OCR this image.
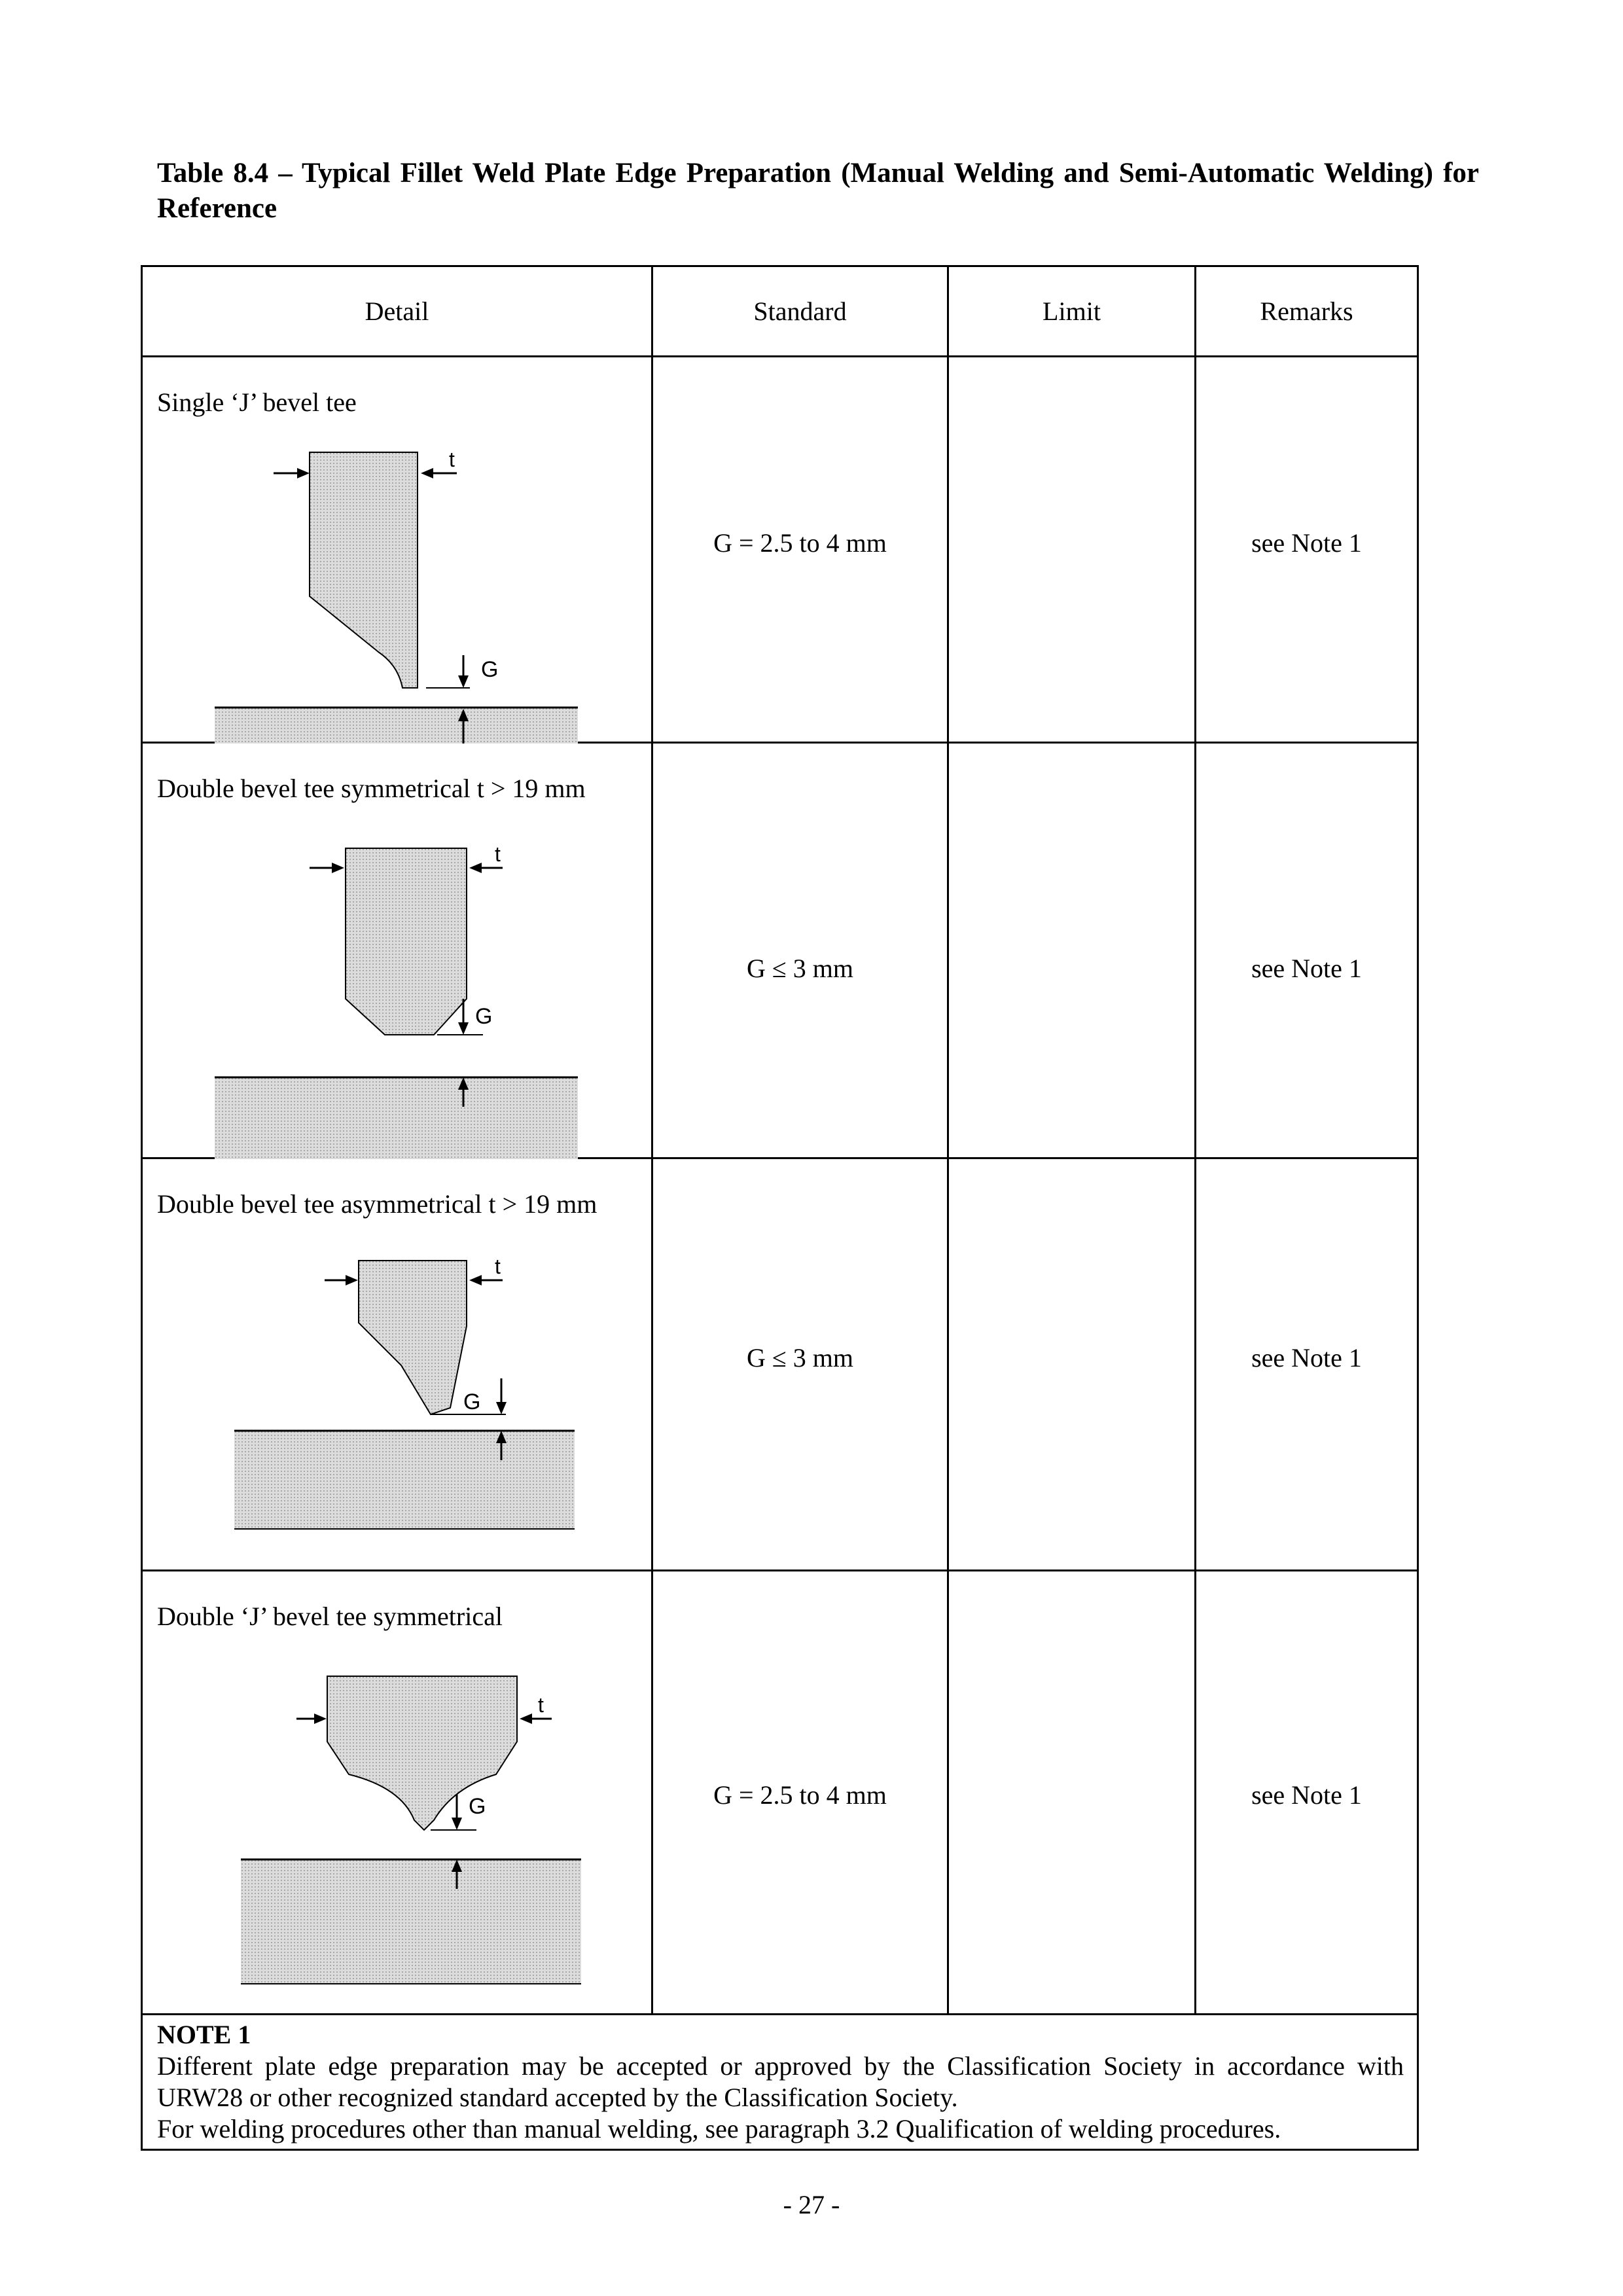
Table 8.4 – Typical Fillet Weld Plate Edge Preparation (Manual Welding and Semi-Automatic Welding) for Reference
Detail	Standard	Limit	Remarks

Single ‘J’ bevel tee
t
G	G = 2.5 to 4 mm		see Note 1

Double bevel tee symmetrical t > 19 mm
t
G	G ≤ 3 mm		see Note 1

Double bevel tee asymmetrical t > 19 mm
t
G	G ≤ 3 mm		see Note 1

Double ‘J’ bevel tee symmetrical
t
G	G = 2.5 to 4 mm		see Note 1

NOTE 1
Different plate edge preparation may be accepted or approved by the Classification Society in accordance with URW28 or other recognized standard accepted by the Classification Society.
For welding procedures other than manual welding, see paragraph 3.2 Qualification of welding procedures.			
- 27 -
